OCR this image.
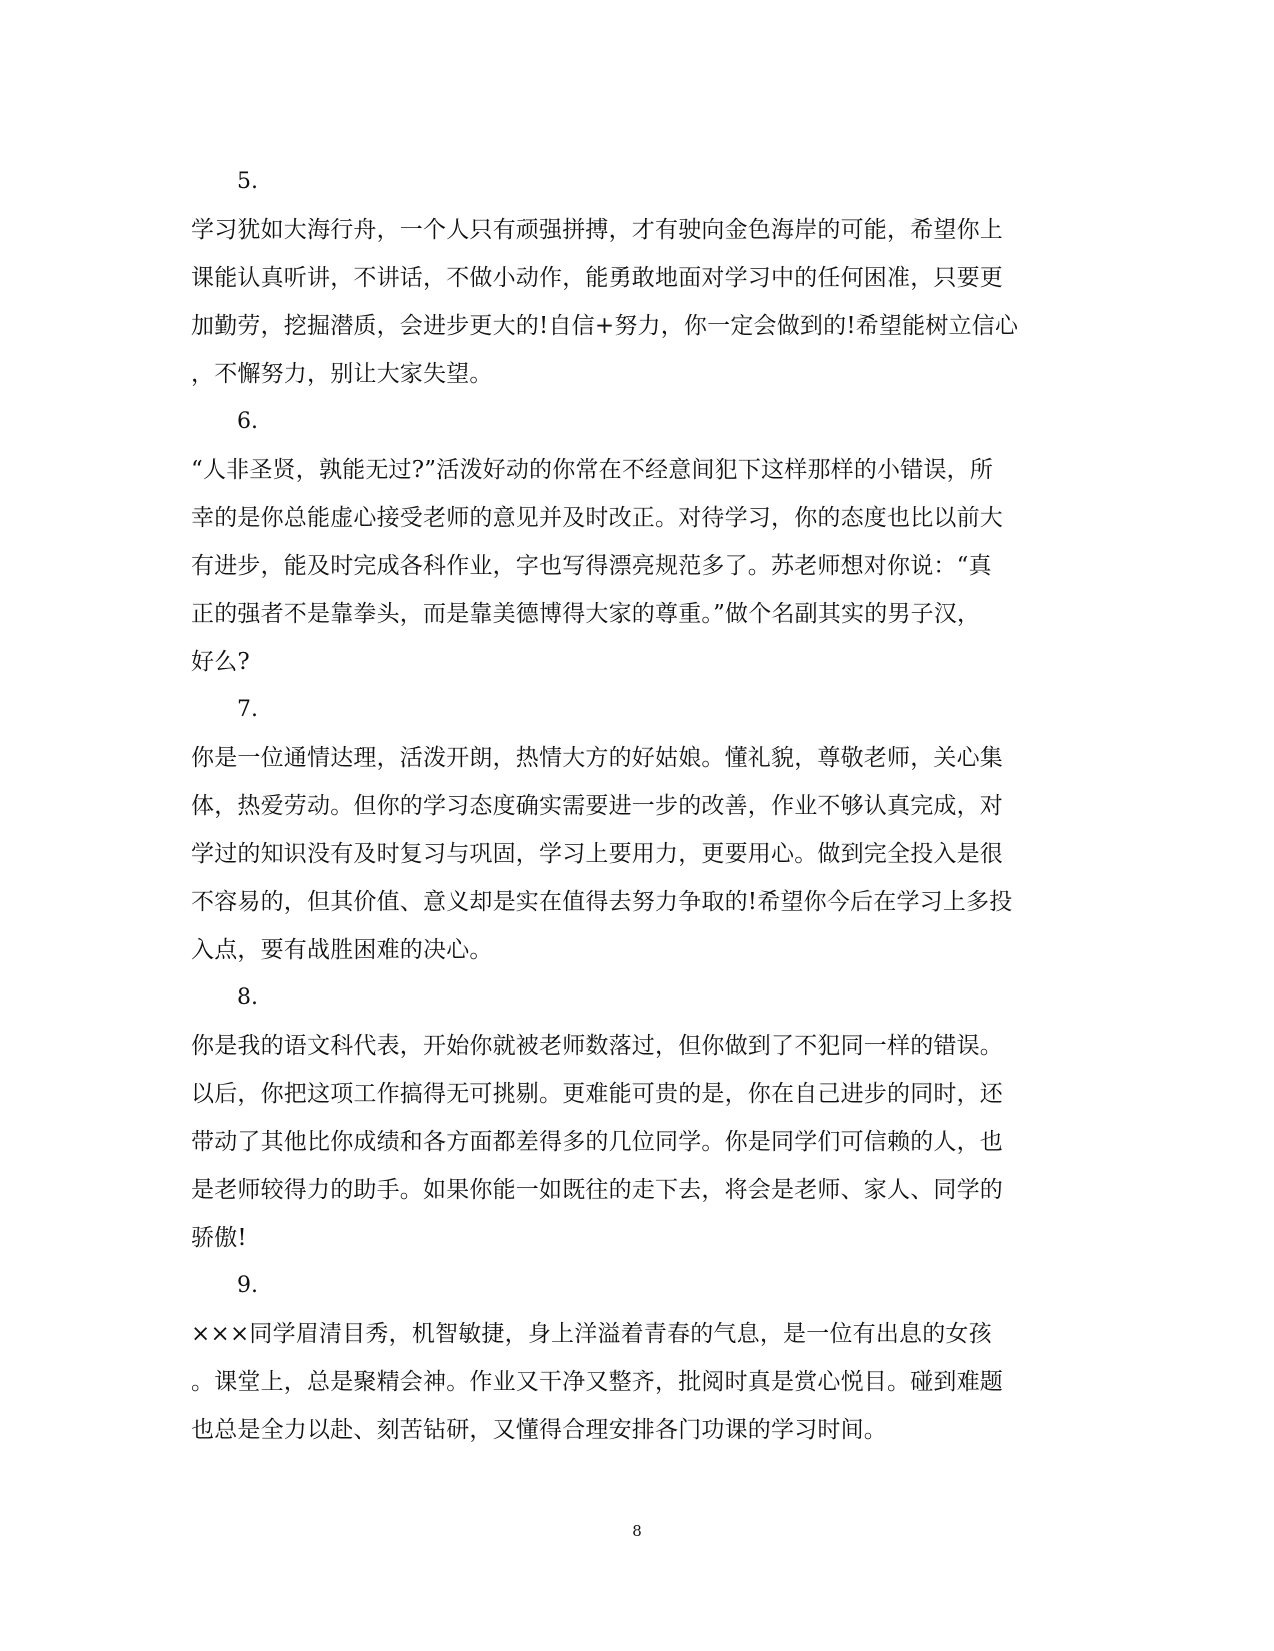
5.
学习犹如大海行舟，一个人只有顽强拼搏，才有驶向金色海岸的可能，希望你上
课能认真听讲，不讲话，不做小动作，能勇敢地面对学习中的任何困准，只要更
加勤劳，挖掘潜质，会进步更大的!自信+努力，你一定会做到的!希望能树立信心
，不懈努力，别让大家失望。
6.
“人非圣贤，孰能无过?”活泼好动的你常在不经意间犯下这样那样的小错误，所
幸的是你总能虚心接受老师的意见并及时改正。对待学习，你的态度也比以前大
有进步，能及时完成各科作业，字也写得漂亮规范多了。苏老师想对你说：“真
正的强者不是靠拳头，而是靠美德博得大家的尊重。”做个名副其实的男子汉，
好么?
7.
你是一位通情达理，活泼开朗，热情大方的好姑娘。懂礼貌，尊敬老师，关心集
体，热爱劳动。但你的学习态度确实需要进一步的改善，作业不够认真完成，对
学过的知识没有及时复习与巩固，学习上要用力，更要用心。做到完全投入是很
不容易的，但其价值、意义却是实在值得去努力争取的!希望你今后在学习上多投
入点，要有战胜困难的决心。
8.
你是我的语文科代表，开始你就被老师数落过，但你做到了不犯同一样的错误。
以后，你把这项工作搞得无可挑剔。更难能可贵的是，你在自己进步的同时，还
带动了其他比你成绩和各方面都差得多的几位同学。你是同学们可信赖的人，也
是老师较得力的助手。如果你能一如既往的走下去，将会是老师、家人、同学的
骄傲!
9.
×××同学眉清目秀，机智敏捷，身上洋溢着青春的气息，是一位有出息的女孩
。课堂上，总是聚精会神。作业又干净又整齐，批阅时真是赏心悦目。碰到难题
也总是全力以赴、刻苦钻研，又懂得合理安排各门功课的学习时间。
8
